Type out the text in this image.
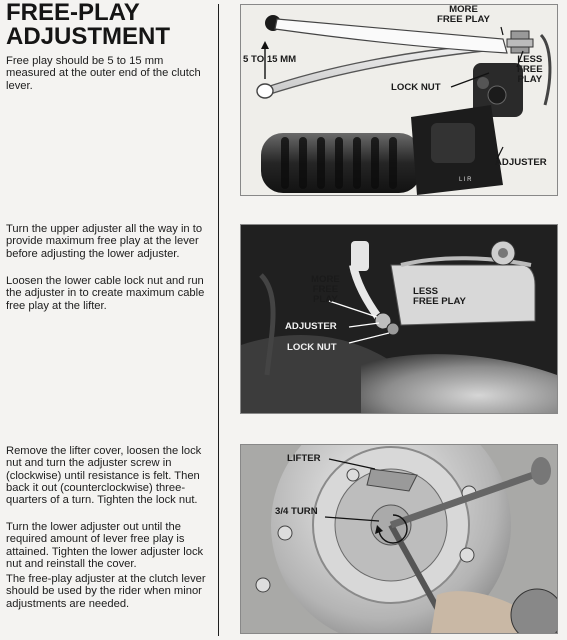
FREE-PLAY
ADJUSTMENT
Free play should be 5 to 15 mm measured at the outer end of the clutch lever.
Turn the upper adjuster all the way in to provide maximum free play at the lever before adjusting the lower adjuster.
Loosen the lower cable lock nut and run the adjuster in to create maximum cable free play at the lifter.
Remove the lifter cover, loosen the lock nut and turn the adjuster screw in (clockwise) until resistance is felt. Then back it out (counterclockwise) three-quarters of a turn. Tighten the lock nut.
Turn the lower adjuster out until the required amount of lever free play is attained. Tighten the lower adjuster lock nut and reinstall the cover.
The free-play adjuster at the clutch lever should be used by the rider when minor adjustments are needed.
L I R
MORE
FREE PLAY
5 TO 15 MM	LESS
FREE
PLAY
LOCK NUT
ADJUSTER
MORE
FREE
PLAY
LESS
FREE PLAY
ADJUSTER
LOCK NUT
LIFTER
3/4 TURN
